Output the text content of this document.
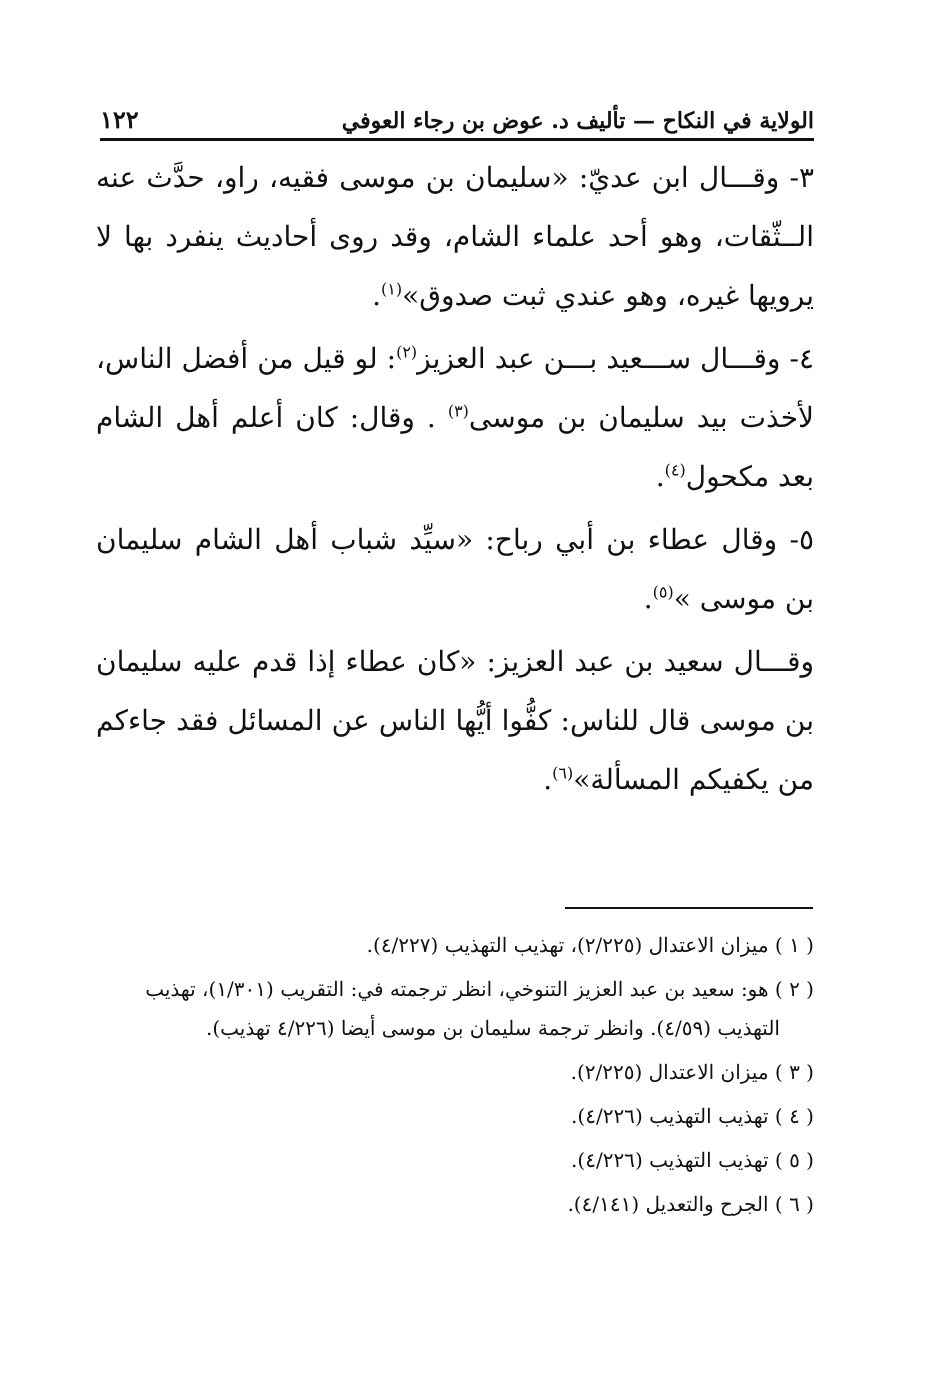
الولاية في النكاح — تأليف د. عوض بن رجاء العوفي
١٢٢

٣- وقـــال ابن عديّ: «سليمان بن موسى فقيه، راو، حدَّث عنه الــثّقات، وهو أحد علماء الشام، وقد روى أحاديث ينفرد بها لا يرويها غيره، وهو عندي ثبت صدوق»$^{(١)}$.

٤- وقـــال ســـعيد بـــن عبد العزيز$^{(٢)}$: لو قيل من أفضل الناس، لأخذت بيد سليمان بن موسى$^{(٣)}$ . وقال: كان أعلم أهل الشام بعد مكحول$^{(٤)}$.

٥- وقال عطاء بن أبي رباح: «سيِّد شباب أهل الشام سليمان بن موسى »$^{(٥)}$.

وقـــال سعيد بن عبد العزيز: «كان عطاء إذا قدم عليه سليمان بن موسى قال للناس: كفُّوا أيُّها الناس عن المسائل فقد جاءكم من يكفيكم المسألة»$^{(٦)}$.

( ١ ) ميزان الاعتدال (٢/٢٢٥)، تهذيب التهذيب (٤/٢٢٧).

( ٢ ) هو: سعيد بن عبد العزيز التنوخي، انظر ترجمته في: التقريب (١/٣٠١)، تهذيب

التهذيب (٤/٥٩). وانظر ترجمة سليمان بن موسى أيضا (٤/٢٢٦ تهذيب).

( ٣ ) ميزان الاعتدال (٢/٢٢٥).

( ٤ ) تهذيب التهذيب (٤/٢٢٦).

( ٥ ) تهذيب التهذيب (٤/٢٢٦).

( ٦ ) الجرح والتعديل (٤/١٤١).
